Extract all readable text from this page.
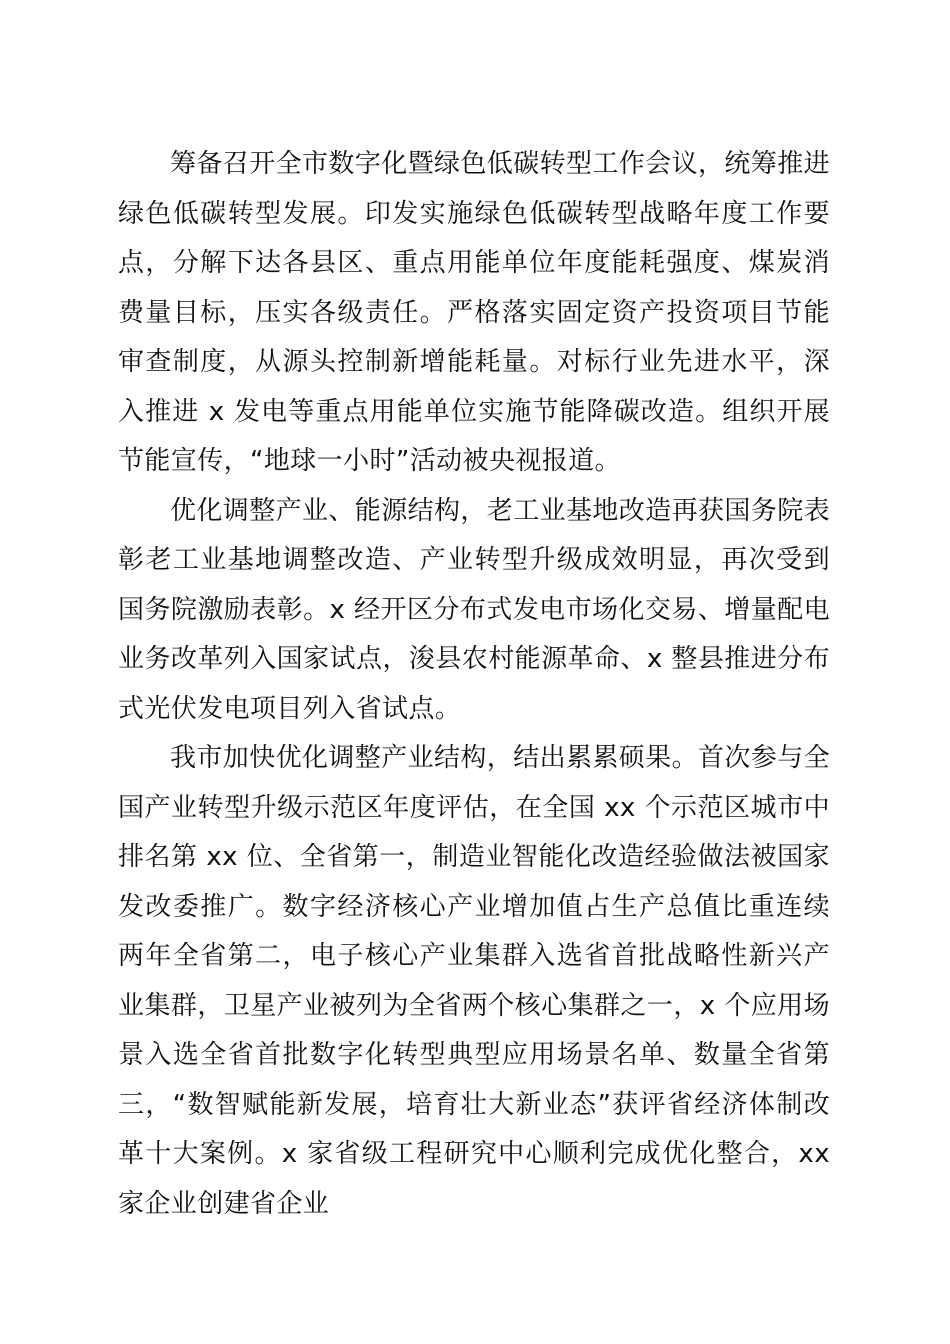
筹备召开全市数字化暨绿色低碳转型工作会议，统筹推进绿色低碳转型发展。印发实施绿色低碳转型战略年度工作要点，分解下达各县区、重点用能单位年度能耗强度、煤炭消费量目标，压实各级责任。严格落实固定资产投资项目节能审查制度，从源头控制新增能耗量。对标行业先进水平，深入推进 x 发电等重点用能单位实施节能降碳改造。组织开展节能宣传，“地球一小时”活动被央视报道。

优化调整产业、能源结构，老工业基地改造再获国务院表彰老工业基地调整改造、产业转型升级成效明显，再次受到国务院激励表彰。x 经开区分布式发电市场化交易、增量配电业务改革列入国家试点，浚县农村能源革命、x 整县推进分布式光伏发电项目列入省试点。

我市加快优化调整产业结构，结出累累硕果。首次参与全国产业转型升级示范区年度评估，在全国 xx 个示范区城市中排名第 xx 位、全省第一，制造业智能化改造经验做法被国家发改委推广。数字经济核心产业增加值占生产总值比重连续两年全省第二，电子核心产业集群入选省首批战略性新兴产业集群，卫星产业被列为全省两个核心集群之一，x 个应用场景入选全省首批数字化转型典型应用场景名单、数量全省第三，“数智赋能新发展，培育壮大新业态”获评省经济体制改革十大案例。x 家省级工程研究中心顺利完成优化整合，xx 家企业创建省企业
